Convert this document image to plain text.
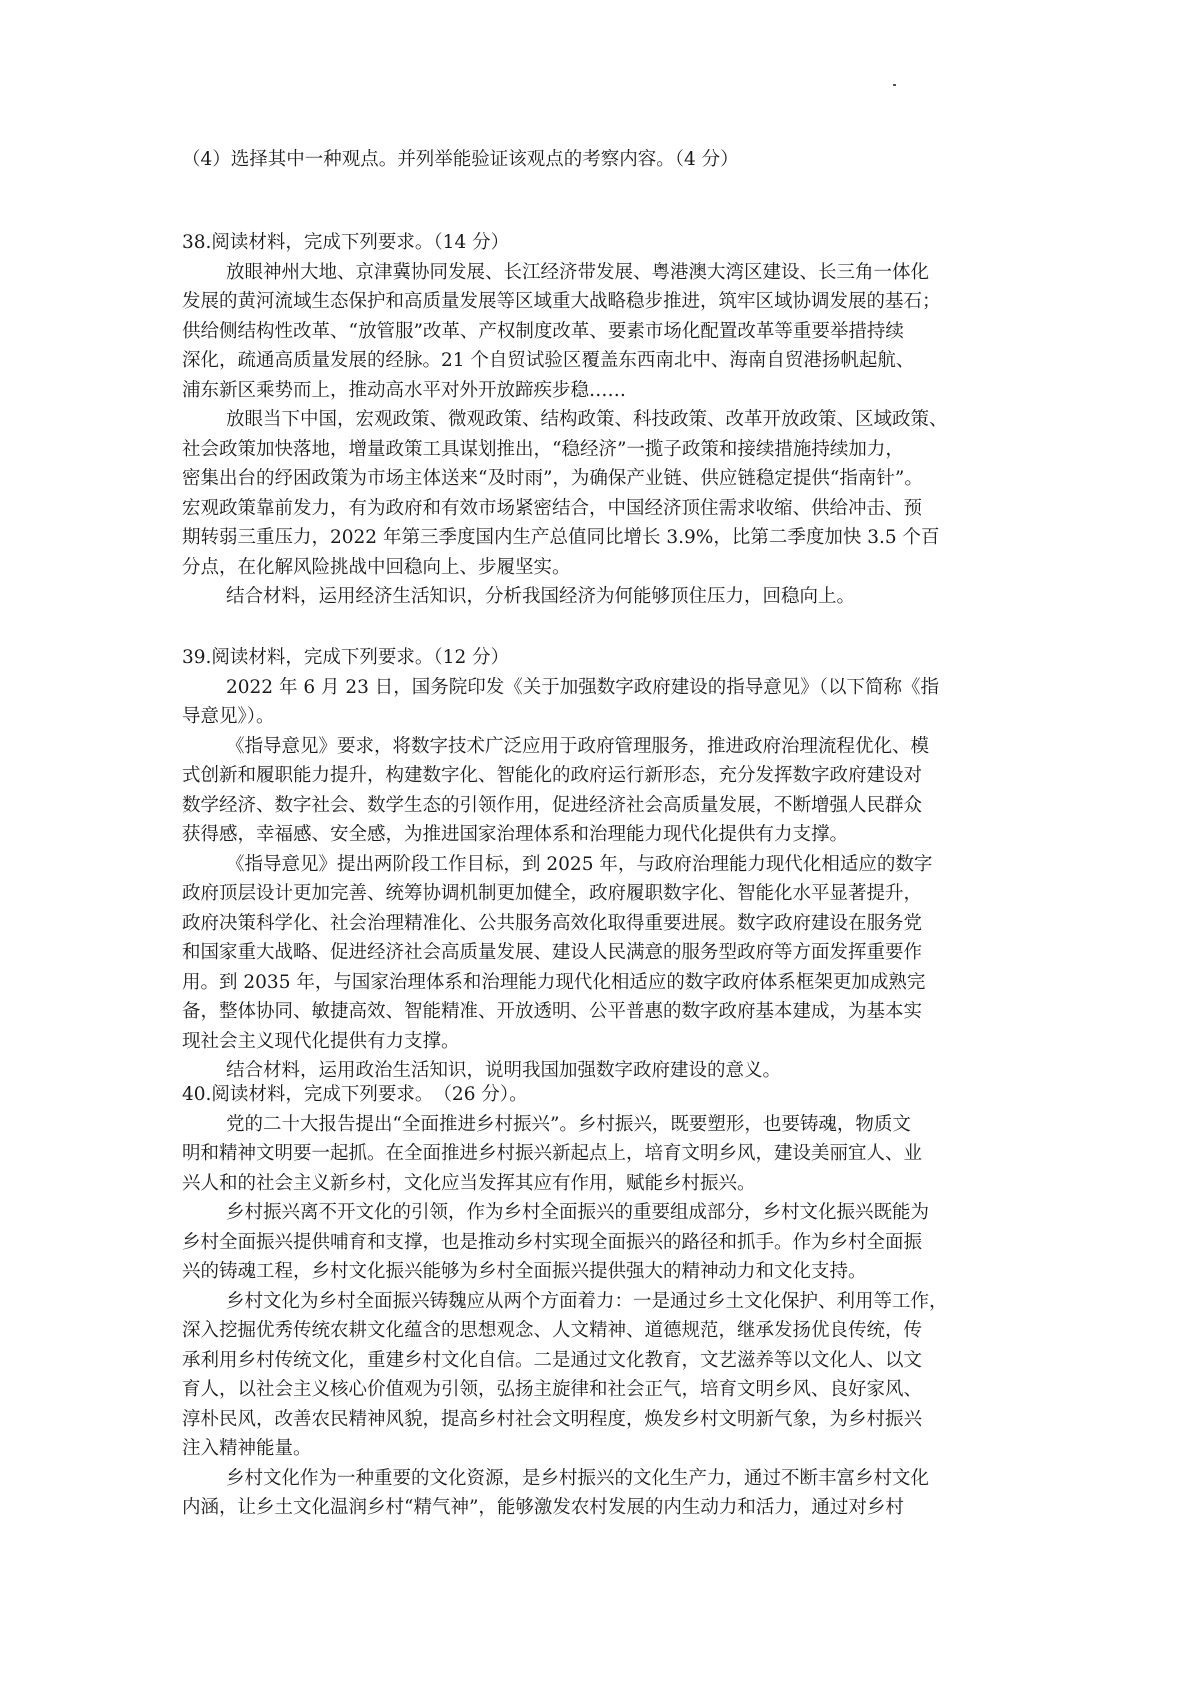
（4）选择其中一种观点。并列举能验证该观点的考察内容。（4 分）

38.阅读材料，完成下列要求。（14 分）

放眼神州大地、京津冀协同发展、长江经济带发展、粤港澳大湾区建设、长三角一体化

发展的黄河流域生态保护和高质量发展等区域重大战略稳步推进，筑牢区域协调发展的基石；

供给侧结构性改革、“放管服”改革、产权制度改革、要素市场化配置改革等重要举措持续

深化，疏通高质量发展的经脉。21 个自贸试验区覆盖东西南北中、海南自贸港扬帆起航、

浦东新区乘势而上，推动高水平对外开放蹄疾步稳……

放眼当下中国，宏观政策、微观政策、结构政策、科技政策、改革开放政策、区域政策、

社会政策加快落地，增量政策工具谋划推出，“稳经济”一揽子政策和接续措施持续加力，

密集出台的纾困政策为市场主体送来“及时雨”，为确保产业链、供应链稳定提供“指南针”。

宏观政策靠前发力，有为政府和有效市场紧密结合，中国经济顶住需求收缩、供给冲击、预

期转弱三重压力，2022 年第三季度国内生产总值同比增长 3.9%，比第二季度加快 3.5 个百

分点，在化解风险挑战中回稳向上、步履坚实。

结合材料，运用经济生活知识，分析我国经济为何能够顶住压力，回稳向上。

39.阅读材料，完成下列要求。（12 分）

2022 年 6 月 23 日，国务院印发《关于加强数字政府建设的指导意见》（以下简称《指

导意见》）。

《指导意见》要求，将数字技术广泛应用于政府管理服务，推进政府治理流程优化、模

式创新和履职能力提升，构建数字化、智能化的政府运行新形态，充分发挥数字政府建设对

数学经济、数字社会、数学生态的引领作用，促进经济社会高质量发展，不断增强人民群众

获得感，幸福感、安全感，为推进国家治理体系和治理能力现代化提供有力支撑。

《指导意见》提出两阶段工作目标，到 2025 年，与政府治理能力现代化相适应的数字

政府顶层设计更加完善、统筹协调机制更加健全，政府履职数字化、智能化水平显著提升，

政府决策科学化、社会治理精准化、公共服务高效化取得重要进展。数字政府建设在服务党

和国家重大战略、促进经济社会高质量发展、建设人民满意的服务型政府等方面发挥重要作

用。到 2035 年，与国家治理体系和治理能力现代化相适应的数字政府体系框架更加成熟完

备，整体协同、敏捷高效、智能精准、开放透明、公平普惠的数字政府基本建成，为基本实

现社会主义现代化提供有力支撑。

结合材料，运用政治生活知识，说明我国加强数字政府建设的意义。

40.阅读材料，完成下列要求。　（26 分）。

党的二十大报告提出“全面推进乡村振兴”。乡村振兴，既要塑形，也要铸魂，物质文

明和精神文明要一起抓。在全面推进乡村振兴新起点上，培育文明乡风，建设美丽宜人、业

兴人和的社会主义新乡村，文化应当发挥其应有作用，赋能乡村振兴。

乡村振兴离不开文化的引领，作为乡村全面振兴的重要组成部分，乡村文化振兴既能为

乡村全面振兴提供哺育和支撑，也是推动乡村实现全面振兴的路径和抓手。作为乡村全面振

兴的铸魂工程，乡村文化振兴能够为乡村全面振兴提供强大的精神动力和文化支持。

乡村文化为乡村全面振兴铸魏应从两个方面着力：一是通过乡土文化保护、利用等工作，

深入挖掘优秀传统农耕文化蕴含的思想观念、人文精神、道德规范，继承发扬优良传统，传

承利用乡村传统文化，重建乡村文化自信。二是通过文化教育，文艺滋养等以文化人、以文

育人，以社会主义核心价值观为引领，弘扬主旋律和社会正气，培育文明乡风、良好家风、

淳朴民风，改善农民精神风貌，提高乡村社会文明程度，焕发乡村文明新气象，为乡村振兴

注入精神能量。

乡村文化作为一种重要的文化资源，是乡村振兴的文化生产力，通过不断丰富乡村文化

内涵，让乡土文化温润乡村“精气神”，能够激发农村发展的内生动力和活力，通过对乡村
